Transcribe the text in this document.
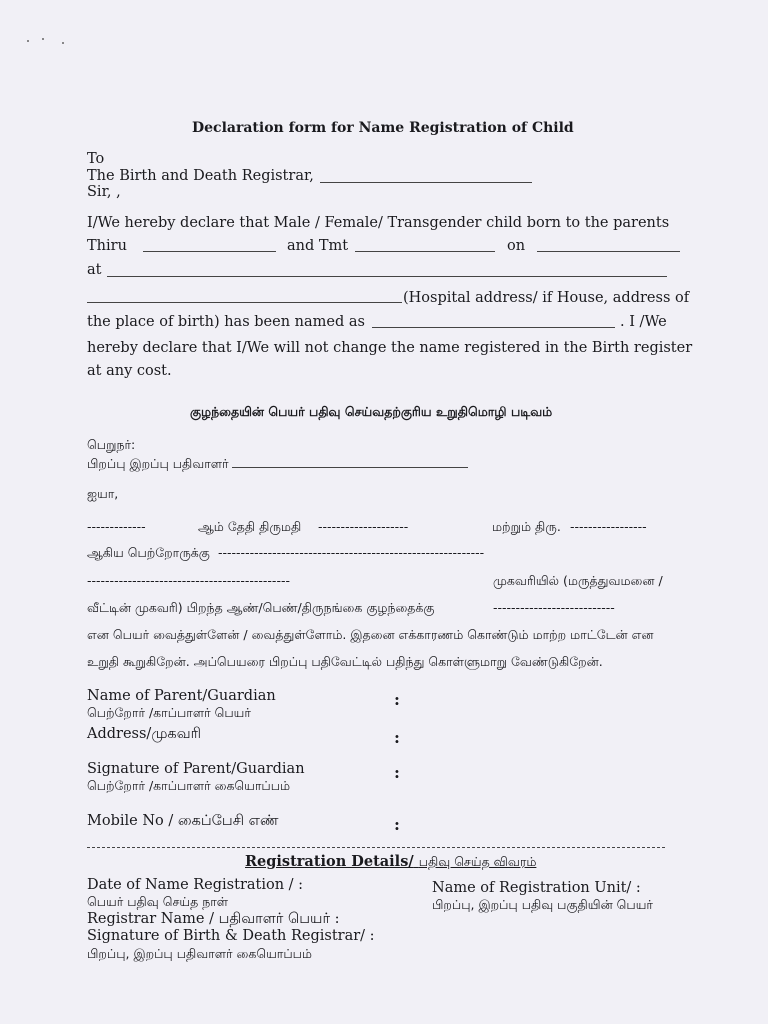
Declaration form for Name Registration of Child
To
The Birth and Death Registrar,
Sir, ,
I/We hereby declare that Male / Female/ Transgender child born to the parents
Thiru	and Tmt	on
at
(Hospital address/ if House, address of
the place of birth) has been named as	. I /We
hereby declare that I/We will not change the name registered in the Birth register
at any cost.
குழந்தையின் பெயர் பதிவு செய்வதற்குரிய உறுதிமொழி படிவம்
பெறுநர்:
பிறப்பு இறப்பு பதிவாளர்
ஐயா,
-------------	ஆம் தேதி திருமதி --------------------	மற்றும் திரு. -----------------
ஆகிய பெற்றோருக்கு -----------------------------------------------------------
---------------------------------------------	முகவரியில் (மருத்துவமனை /
வீட்டின் முகவரி) பிறந்த ஆண்/பெண்/திருநங்கை குழந்தைக்கு	---------------------------
என பெயர் வைத்துள்ளேன் / வைத்துள்ளோம். இதனை எக்காரணம் கொண்டும் மாற்ற மாட்டேன் என
உறுதி கூறுகிறேன். அப்பெயரை பிறப்பு பதிவேட்டில் பதிந்து கொள்ளுமாறு வேண்டுகிறேன்.
Name of Parent/Guardian
பெற்றோர் /காப்பாளர் பெயர்
:
Address/முகவரி	:
Signature of Parent/Guardian
பெற்றோர் /காப்பாளர் கையொப்பம்
:
Mobile No / கைப்பேசி எண்	:
Registration Details/ பதிவு செய்த விவரம்
Date of Name Registration / :
பெயர் பதிவு செய்த நாள்
Name of Registration Unit/ :
பிறப்பு, இறப்பு பதிவு பகுதியின் பெயர்
Registrar Name / பதிவாளர் பெயர் :
Signature of Birth & Death Registrar/ :
பிறப்பு, இறப்பு பதிவாளர் கையொப்பம்
